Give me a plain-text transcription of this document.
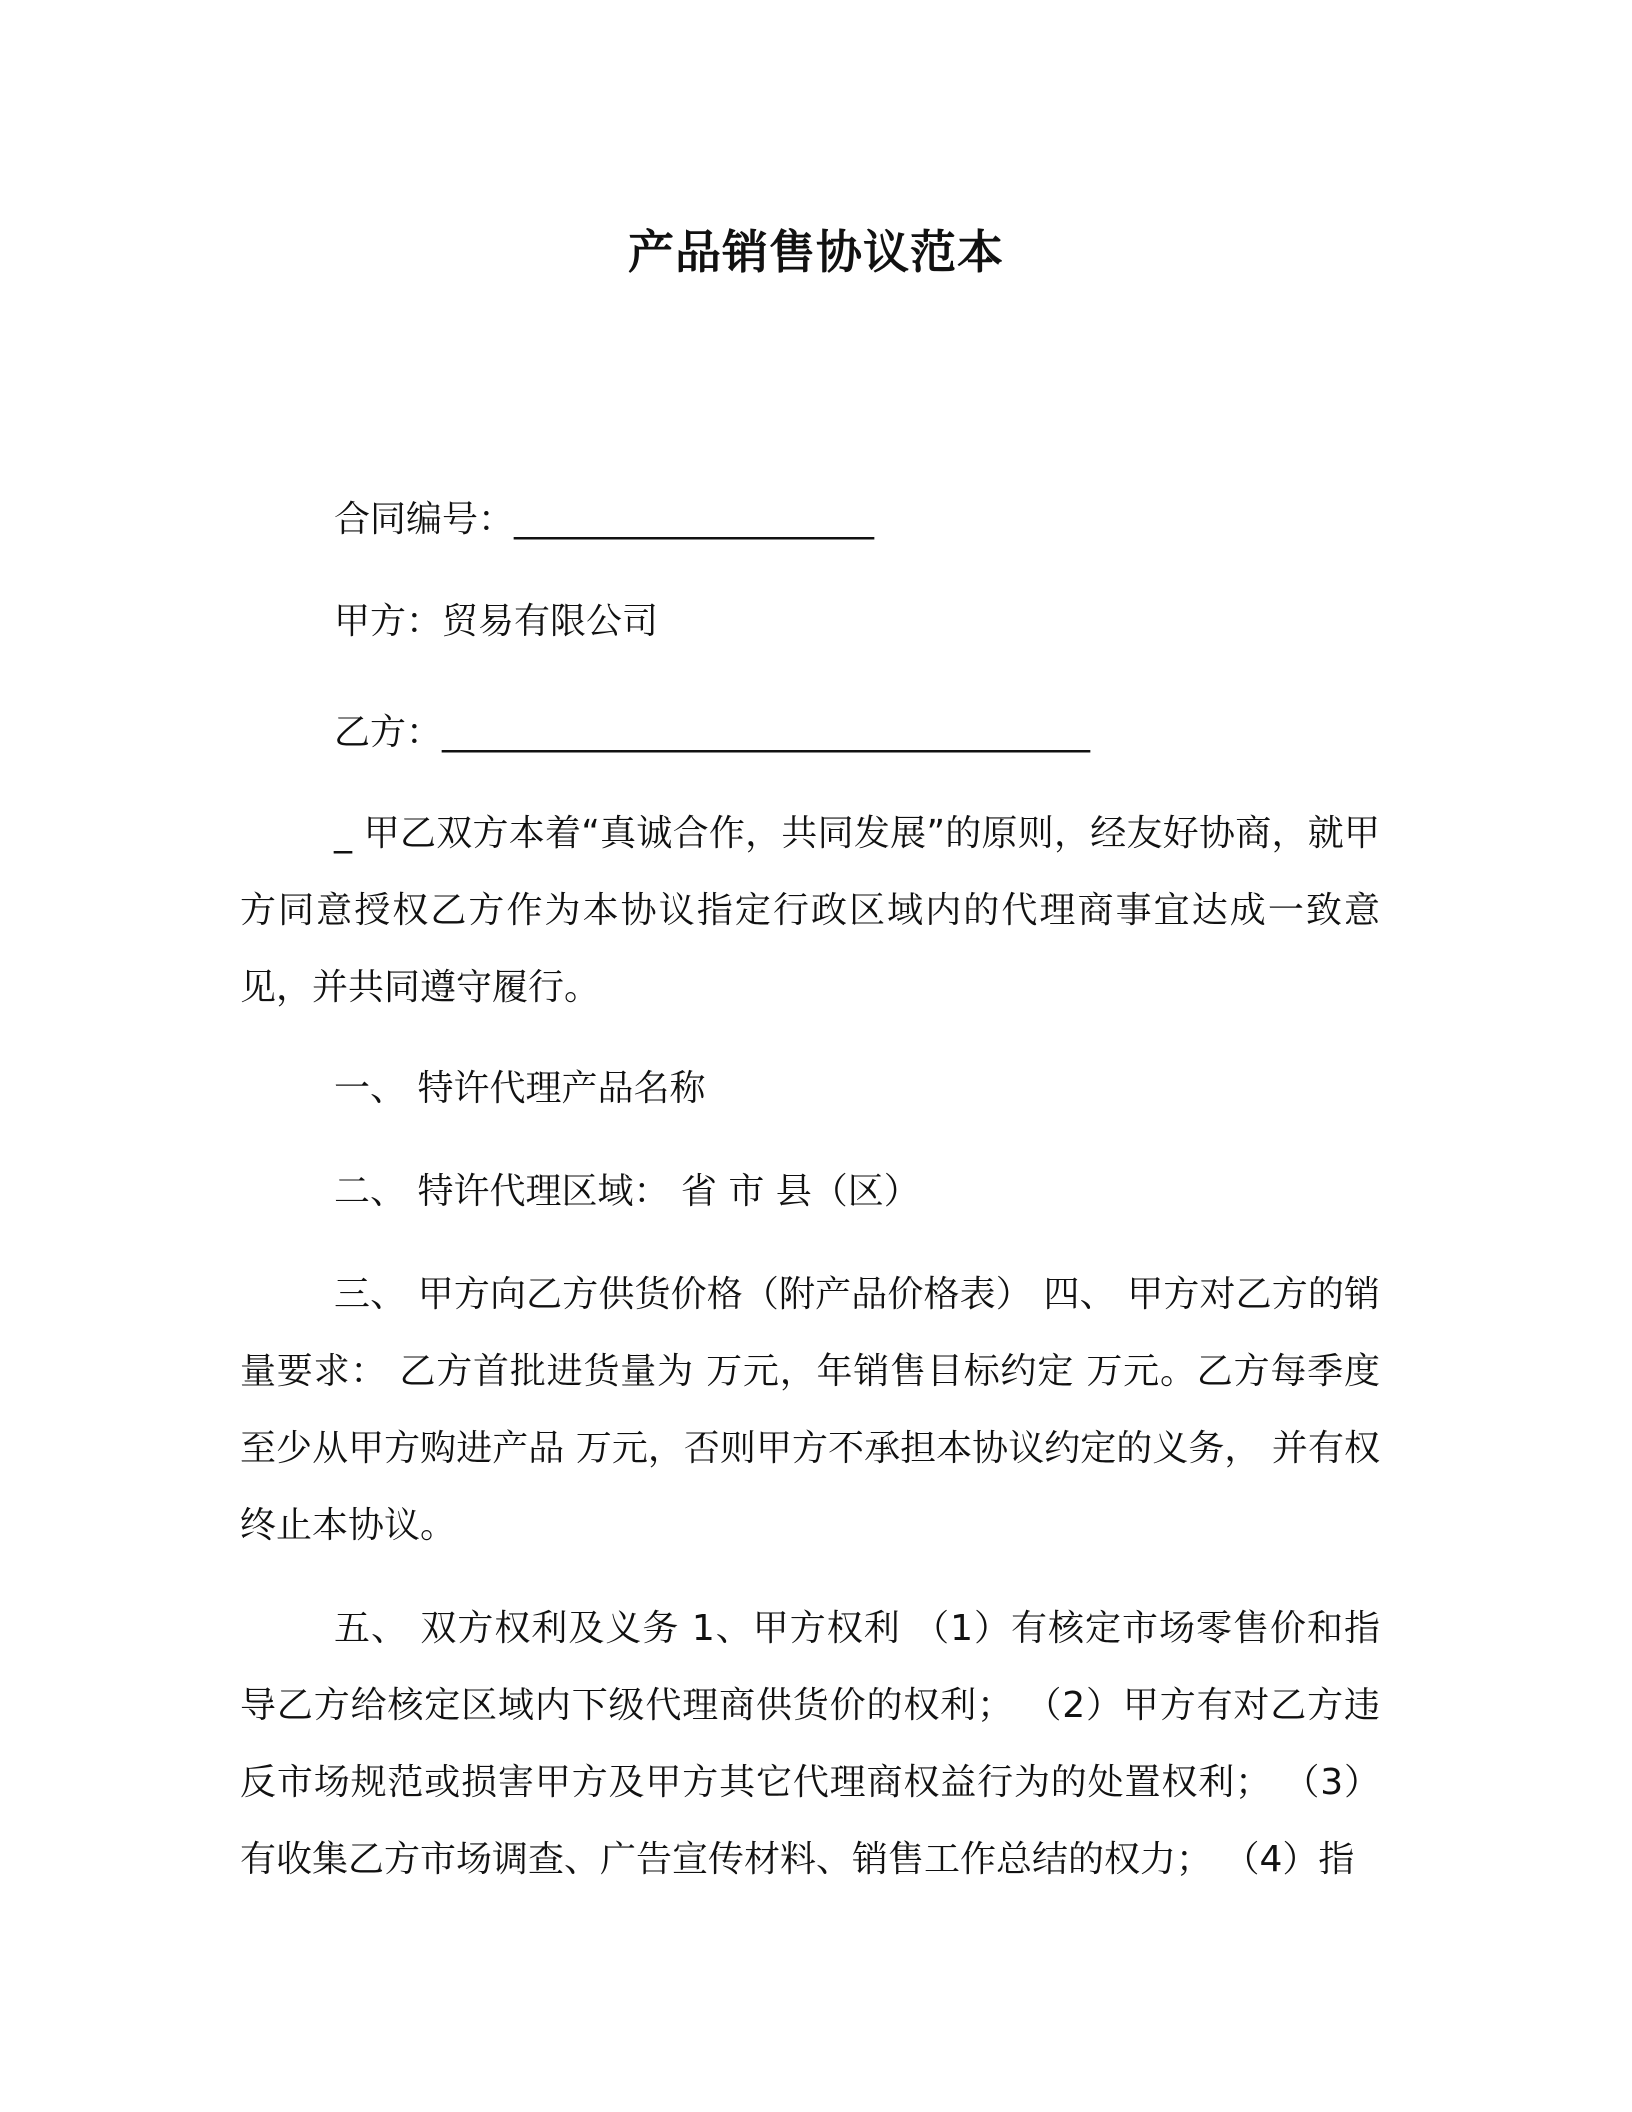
产品销售协议范本
合同编号：____________________
甲方：贸易有限公司
乙方：____________________________________

_ 甲乙双方本着“真诚合作，共同发展”的原则，经友好协商，就甲方同意授权乙方作为本协议指定行政区域内的代理商事宜达成一致意见，并共同遵守履行。

一、 特许代理产品名称

二、 特许代理区域： 省 市 县（区）

三、 甲方向乙方供货价格（附产品价格表） 四、 甲方对乙方的销量要求： 乙方首批进货量为 万元，年销售目标约定 万元。乙方每季度至少从甲方购进产品 万元，否则甲方不承担本协议约定的义务， 并有权终止本协议。

五、 双方权利及义务 1、甲方权利 （1）有核定市场零售价和指导乙方给核定区域内下级代理商供货价的权利； （2）甲方有对乙方违反市场规范或损害甲方及甲方其它代理商权益行为的处置权利； （3）有收集乙方市场调查、广告宣传材料、销售工作总结的权力； （4）指
